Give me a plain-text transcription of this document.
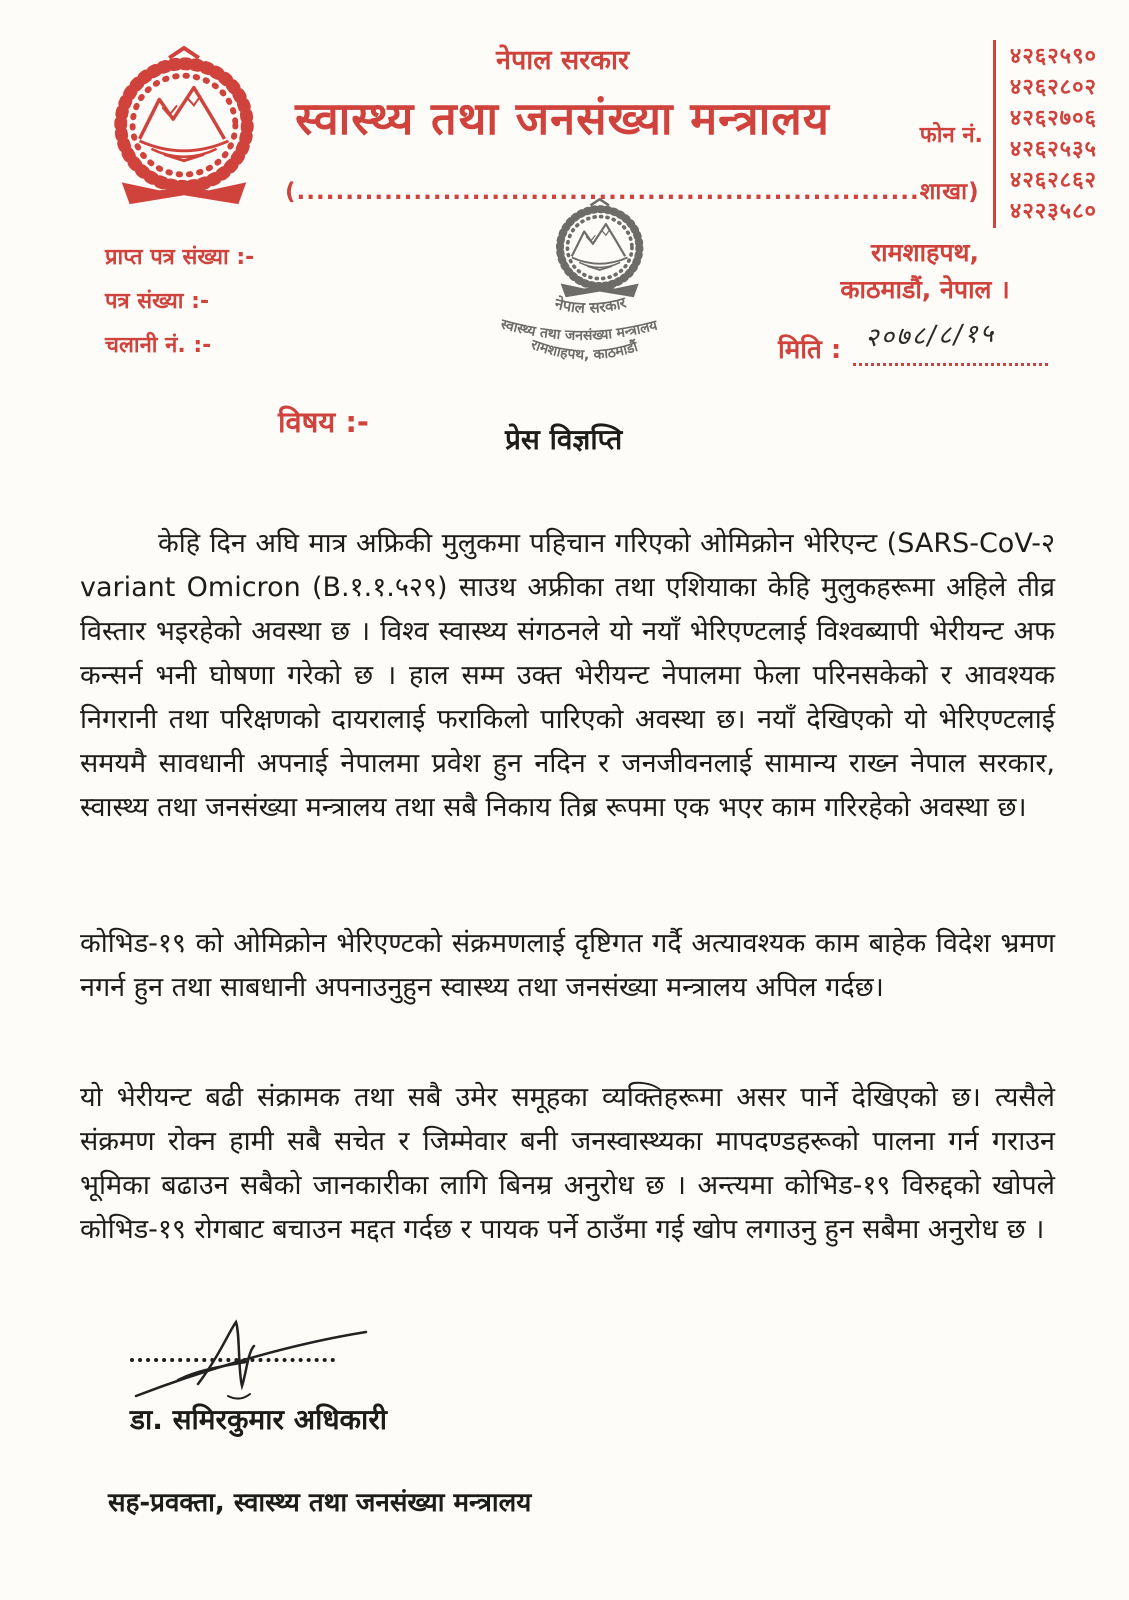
नेपाल सरकार
स्वास्थ्य तथा जनसंख्या मन्त्रालय
(................................................................शाखा)
फोन नं.
४२६२५९०
४२६२८०२
४२६२७०६
४२६२५३५
४२६२८६२
४२२३५८०
प्राप्त पत्र संख्या :-
पत्र संख्या :-
चलानी नं. :-
नेपाल सरकार
स्वास्थ्य तथा जनसंख्या मन्त्रालय
रामशाहपथ, काठमाडौं
रामशाहपथ,
काठमाडौं, नेपाल ।
मिति : २०७८/८/१५
विषय :-
प्रेस विज्ञप्ति

केहि दिन अघि मात्र अफ्रिकी मुलुकमा पहिचान गरिएको ओमिक्रोन भेरिएन्ट (SARS-CoV-२ variant Omicron (B.१.१.५२९) साउथ अफ्रीका तथा एशियाका केहि मुलुकहरूमा अहिले तीव्र विस्तार भइरहेको अवस्था छ । विश्व स्वास्थ्य संगठनले यो नयाँ भेरिएण्टलाई विश्वब्यापी भेरीयन्ट अफ कन्सर्न भनी घोषणा गरेको छ । हाल सम्म उक्त भेरीयन्ट नेपालमा फेला परिनसकेको र आवश्यक निगरानी तथा परिक्षणको दायरालाई फराकिलो पारिएको अवस्था छ। नयाँ देखिएको यो भेरिएण्टलाई समयमै सावधानी अपनाई नेपालमा प्रवेश हुन नदिन र जनजीवनलाई सामान्य राख्न नेपाल सरकार, स्वास्थ्य तथा जनसंख्या मन्त्रालय तथा सबै निकाय तिब्र रूपमा एक भएर काम गरिरहेको अवस्था छ।

कोभिड-१९ को ओमिक्रोन भेरिएण्टको संक्रमणलाई दृष्टिगत गर्दै अत्यावश्यक काम बाहेक विदेश भ्रमण नगर्न हुन तथा साबधानी अपनाउनुहुन स्वास्थ्य तथा जनसंख्या मन्त्रालय अपिल गर्दछ।

यो भेरीयन्ट बढी संक्रामक तथा सबै उमेर समूहका व्यक्तिहरूमा असर पार्ने देखिएको छ। त्यसैले संक्रमण रोक्न हामी सबै सचेत र जिम्मेवार बनी जनस्वास्थ्यका मापदण्डहरूको पालना गर्न गराउन भूमिका बढाउन सबैको जानकारीका लागि बिनम्र अनुरोध छ । अन्त्यमा कोभिड-१९ विरुद्दको खोपले कोभिड-१९ रोगबाट बचाउन मद्दत गर्दछ र पायक पर्ने ठाउँमा गई खोप लगाउनु हुन सबैमा अनुरोध छ ।

डा. समिरकुमार अधिकारी
सह-प्रवक्ता, स्वास्थ्य तथा जनसंख्या मन्त्रालय
